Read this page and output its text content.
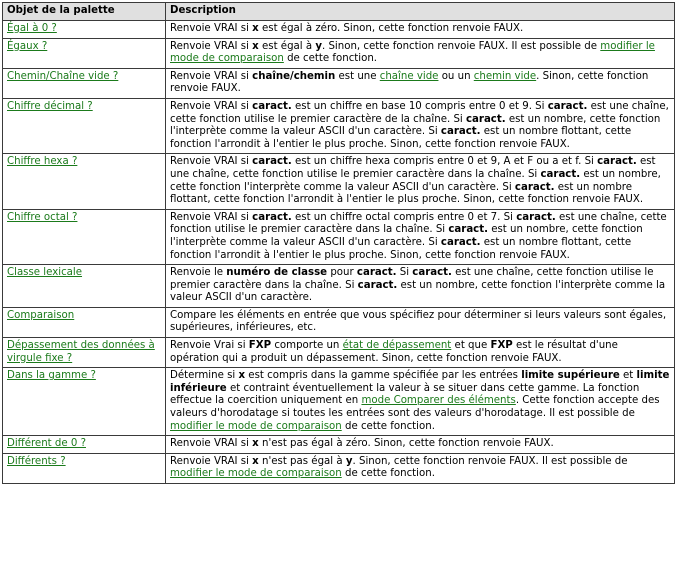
Objet de la palette	Description
Égal à 0 ?	Renvoie VRAI si x est égal à zéro. Sinon, cette fonction renvoie FAUX.
Égaux ?	Renvoie VRAI si x est égal à y. Sinon, cette fonction renvoie FAUX. Il est possible de modifier le mode de comparaison de cette fonction.
Chemin/Chaîne vide ?	Renvoie VRAI si chaîne/chemin est une chaîne vide ou un chemin vide. Sinon, cette fonction renvoie FAUX.
Chiffre décimal ?	Renvoie VRAI si caract. est un chiffre en base 10 compris entre 0 et 9. Si caract. est une chaîne, cette fonction utilise le premier caractère de la chaîne. Si caract. est un nombre, cette fonction l'interprète comme la valeur ASCII d'un caractère. Si caract. est un nombre flottant, cette fonction l'arrondit à l'entier le plus proche. Sinon, cette fonction renvoie FAUX.
Chiffre hexa ?	Renvoie VRAI si caract. est un chiffre hexa compris entre 0 et 9, A et F ou a et f. Si caract. est une chaîne, cette fonction utilise le premier caractère dans la chaîne. Si caract. est un nombre, cette fonction l'interprète comme la valeur ASCII d'un caractère. Si caract. est un nombre flottant, cette fonction l'arrondit à l'entier le plus proche. Sinon, cette fonction renvoie FAUX.
Chiffre octal ?	Renvoie VRAI si caract. est un chiffre octal compris entre 0 et 7. Si caract. est une chaîne, cette fonction utilise le premier caractère dans la chaîne. Si caract. est un nombre, cette fonction l'interprète comme la valeur ASCII d'un caractère. Si caract. est un nombre flottant, cette fonction l'arrondit à l'entier le plus proche. Sinon, cette fonction renvoie FAUX.
Classe lexicale	Renvoie le numéro de classe pour caract. Si caract. est une chaîne, cette fonction utilise le premier caractère dans la chaîne. Si caract. est un nombre, cette fonction l'interprète comme la valeur ASCII d'un caractère.
Comparaison	Compare les éléments en entrée que vous spécifiez pour déterminer si leurs valeurs sont égales, supérieures, inférieures, etc.
Dépassement des données à virgule fixe ?	Renvoie Vrai si FXP comporte un état de dépassement et que FXP est le résultat d'une opération qui a produit un dépassement. Sinon, cette fonction renvoie FAUX.
Dans la gamme ?	Détermine si x est compris dans la gamme spécifiée par les entrées limite supérieure et limite inférieure et contraint éventuellement la valeur à se situer dans cette gamme. La fonction effectue la coercition uniquement en mode Comparer des éléments. Cette fonction accepte des valeurs d'horodatage si toutes les entrées sont des valeurs d'horodatage. Il est possible de modifier le mode de comparaison de cette fonction.
Différent de 0 ?	Renvoie VRAI si x n'est pas égal à zéro. Sinon, cette fonction renvoie FAUX.
Différents ?	Renvoie VRAI si x n'est pas égal à y. Sinon, cette fonction renvoie FAUX. Il est possible de modifier le mode de comparaison de cette fonction.
